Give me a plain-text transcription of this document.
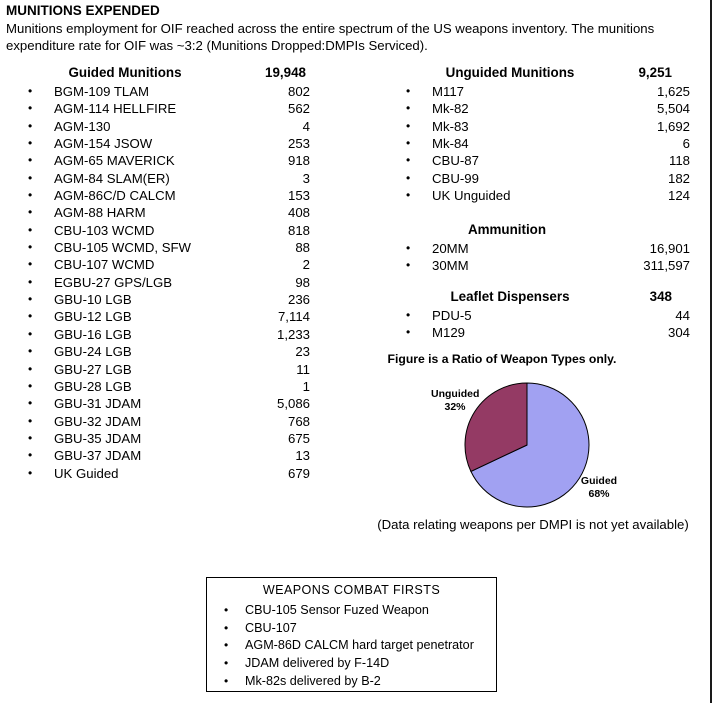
MUNITIONS EXPENDED
Munitions employment for OIF reached across the entire spectrum of the US weapons inventory. The munitions
expenditure rate for OIF was ~3:2 (Munitions Dropped:DMPIs Serviced).
Guided Munitions	19,948
•	BGM-109 TLAM	802
•	AGM-114 HELLFIRE	562
•	AGM-130	4
•	AGM-154 JSOW	253
•	AGM-65 MAVERICK	918
•	AGM-84 SLAM(ER)	3
•	AGM-86C/D CALCM	153
•	AGM-88 HARM	408
•	CBU-103 WCMD	818
•	CBU-105 WCMD, SFW	88
•	CBU-107 WCMD	2
•	EGBU-27 GPS/LGB	98
•	GBU-10 LGB	236
•	GBU-12 LGB	7,114
•	GBU-16 LGB	1,233
•	GBU-24 LGB	23
•	GBU-27 LGB	11
•	GBU-28 LGB	1
•	GBU-31 JDAM	5,086
•	GBU-32 JDAM	768
•	GBU-35 JDAM	675
•	GBU-37 JDAM	13
•	UK Guided	679
Unguided Munitions	9,251
•	M117	1,625
•	Mk-82	5,504
•	Mk-83	1,692
•	Mk-84	6
•	CBU-87	118
•	CBU-99	182
•	UK Unguided	124
Ammunition
•	20MM	16,901
•	30MM	311,597
Leaflet Dispensers	348
•	PDU-5	44
•	M129	304
Figure is a Ratio of Weapon Types only.
Unguided
32%
Guided
68%
(Data relating weapons per DMPI is not yet available)
WEAPONS COMBAT FIRSTS
•	CBU-105 Sensor Fuzed Weapon
•	CBU-107
•	AGM-86D CALCM hard target penetrator
•	JDAM delivered by F-14D
•	Mk-82s delivered by B-2
